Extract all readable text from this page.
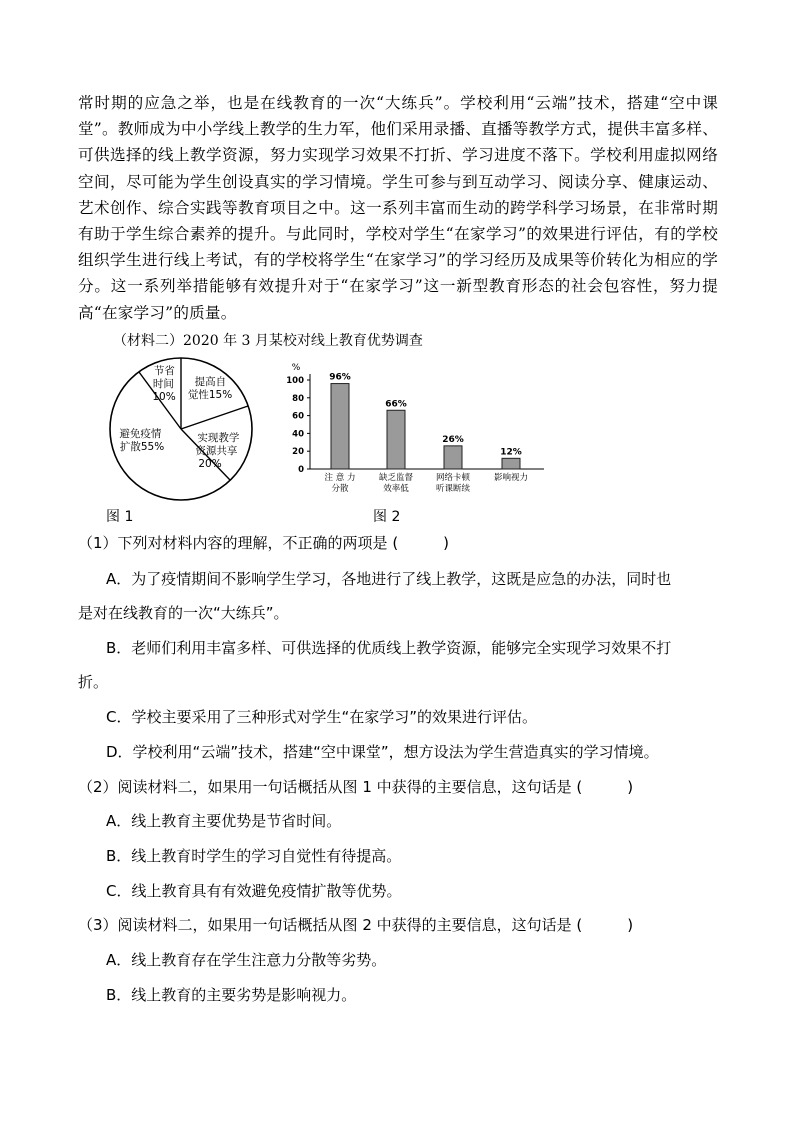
常时期的应急之举，也是在线教育的一次“大练兵”。学校利用“云端”技术，搭建“空中课堂”。教师成为中小学线上教学的生力军，他们采用录播、直播等教学方式，提供丰富多样、可供选择的线上教学资源，努力实现学习效果不打折、学习进度不落下。学校利用虚拟网络空间，尽可能为学生创设真实的学习情境。学生可参与到互动学习、阅读分享、健康运动、艺术创作、综合实践等教育项目之中。这一系列丰富而生动的跨学科学习场景，在非常时期有助于学生综合素养的提升。与此同时，学校对学生“在家学习”的效果进行评估，有的学校组织学生进行线上考试，有的学校将学生“在家学习”的学习经历及成果等价转化为相应的学分。这一系列举措能够有效提升对于“在家学习”这一新型教育形态的社会包容性，努力提高“在家学习”的质量。

（材料二）2020 年 3 月某校对线上教育优势调查
节省 时间 10%
提高自 觉性15%
实现教学 资源共享 20%
避免疫情 扩散55%
%
0
20
40
60
80
100	96%
注 意 力
分散
66%
缺乏监督
效率低
26%
网络卡顿
听课断续
12%
影响视力
图 1	图 2

（1）下列对材料内容的理解，不正确的两项是 (　　　)

A．为了疫情期间不影响学生学习，各地进行了线上教学，这既是应急的办法，同时也

是对在线教育的一次“大练兵”。

B．老师们利用丰富多样、可供选择的优质线上教学资源，能够完全实现学习效果不打

折。

C．学校主要采用了三种形式对学生“在家学习”的效果进行评估。

D．学校利用“云端”技术，搭建“空中课堂”，想方设法为学生营造真实的学习情境。

（2）阅读材料二，如果用一句话概括从图 1 中获得的主要信息，这句话是 (　　　)

A．线上教育主要优势是节省时间。

B．线上教育时学生的学习自觉性有待提高。

C．线上教育具有有效避免疫情扩散等优势。

（3）阅读材料二，如果用一句话概括从图 2 中获得的主要信息，这句话是 (　　　)

A．线上教育存在学生注意力分散等劣势。

B．线上教育的主要劣势是影响视力。
